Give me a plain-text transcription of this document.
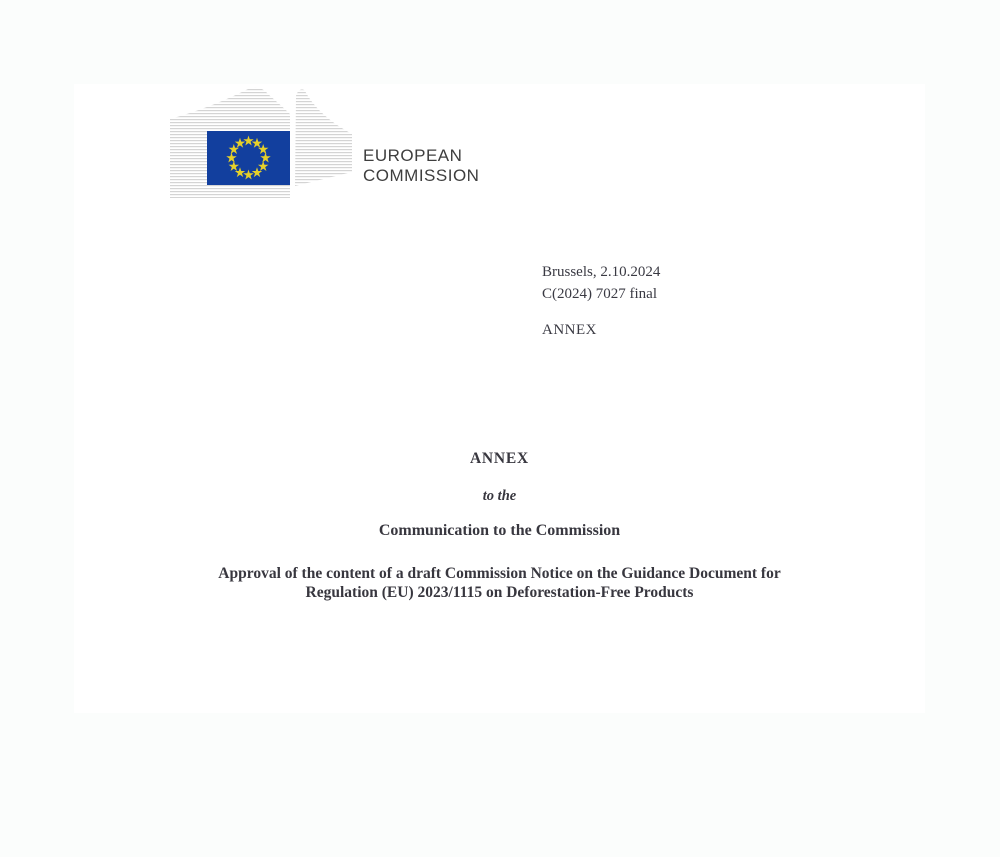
EUROPEAN
COMMISSION
Brussels, 2.10.2024
C(2024) 7027 final
ANNEX
ANNEX
to the
Communication to the Commission
Approval of the content of a draft Commission Notice on the Guidance Document for
Regulation (EU) 2023/1115 on Deforestation-Free Products
